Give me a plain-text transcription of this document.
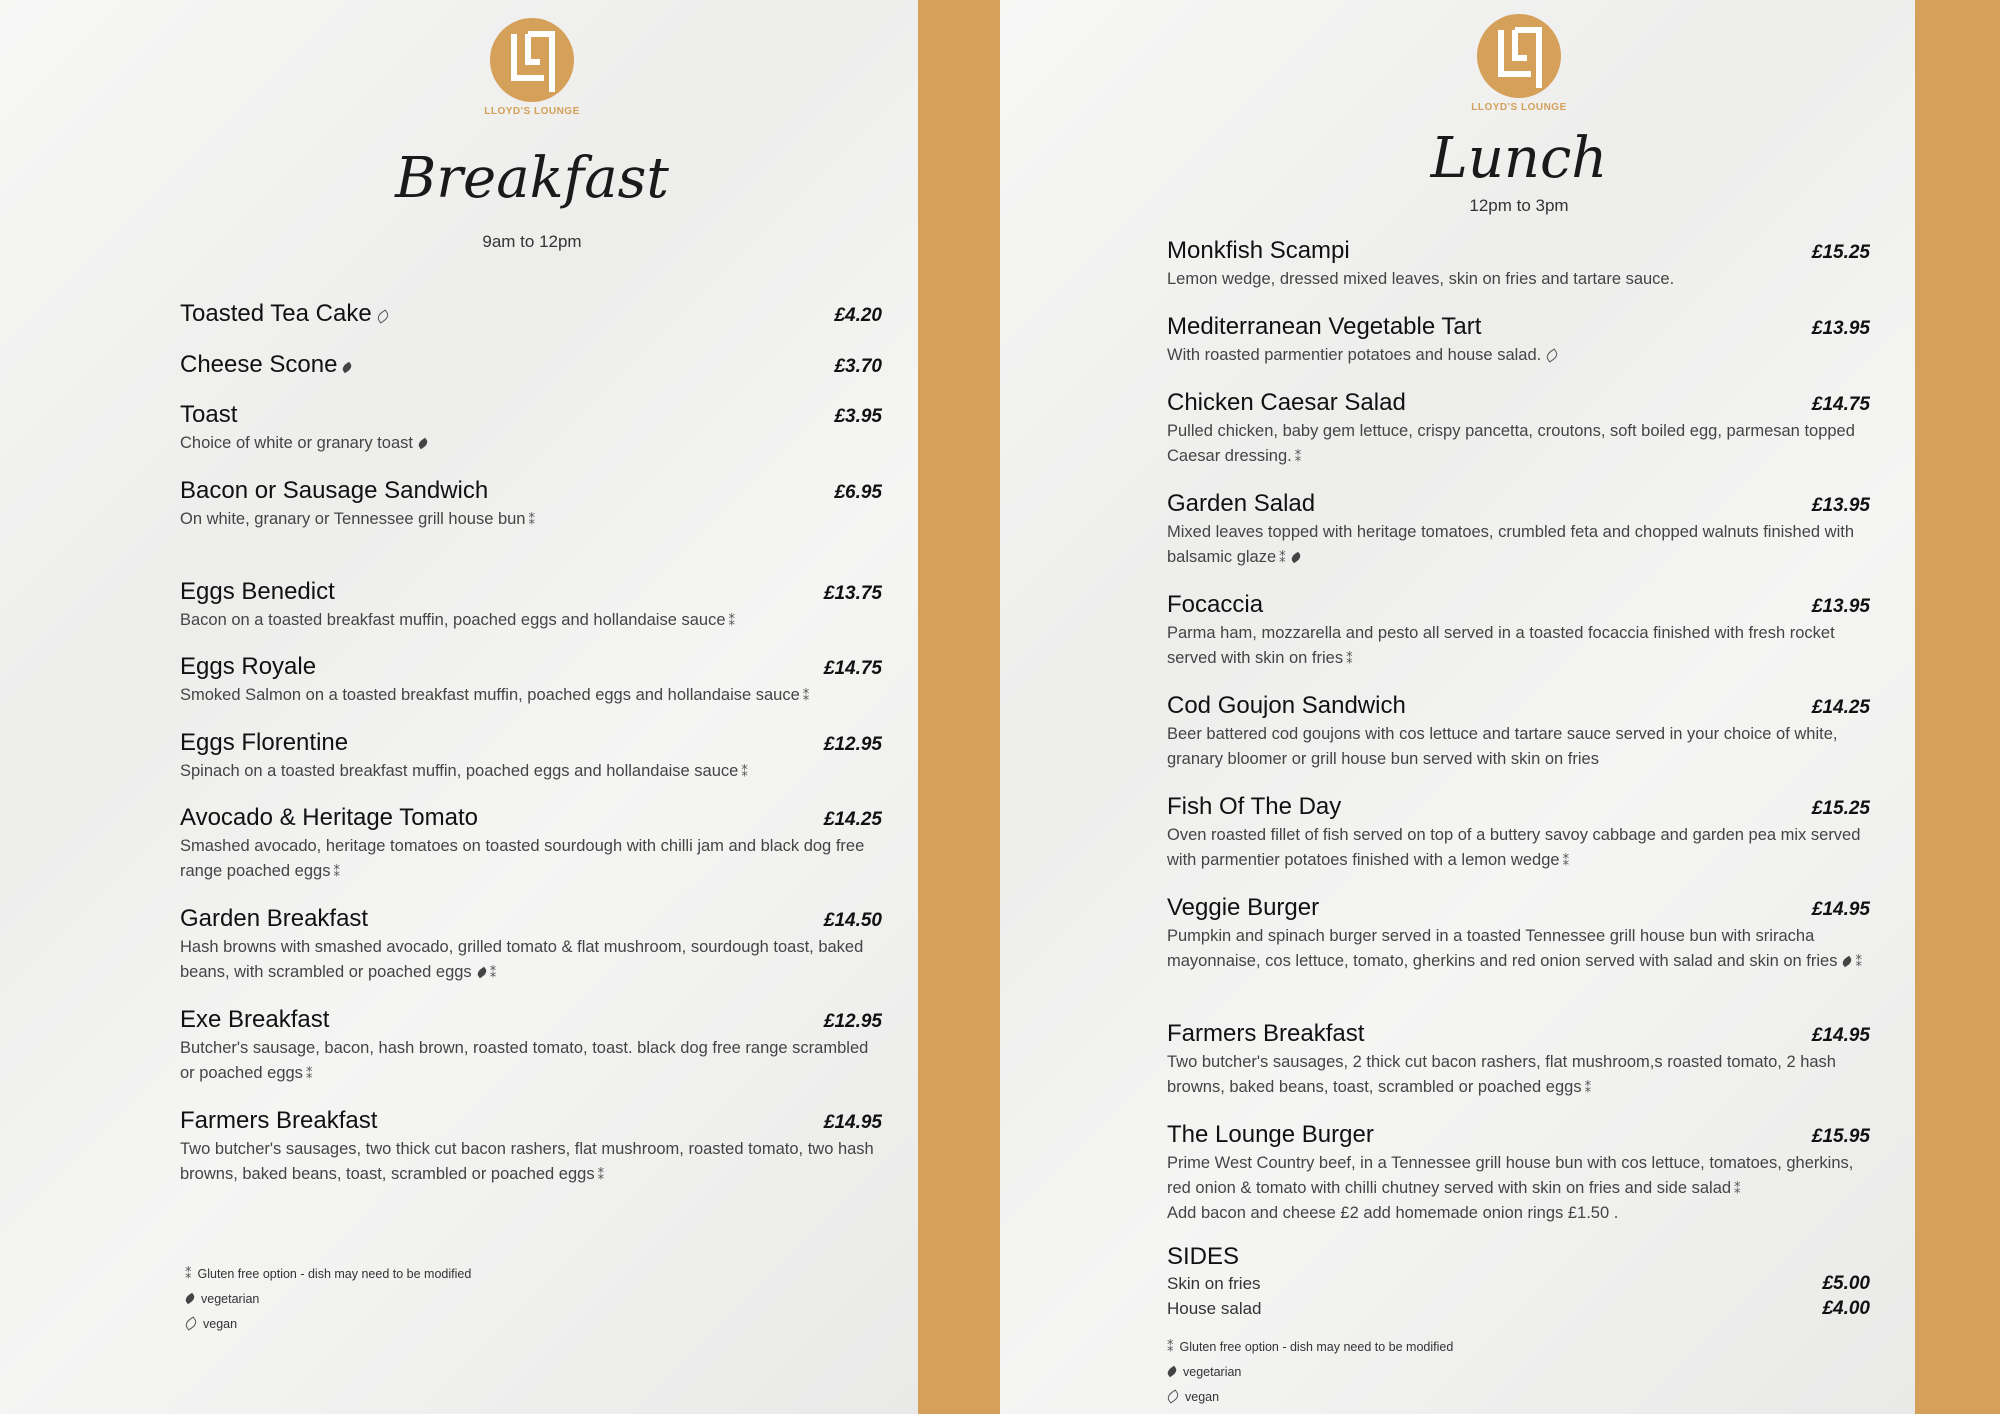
LLOYD'S LOUNGE
Breakfast
9am to 12pm
Toasted Tea Cake	£4.20
Cheese Scone	£3.70
Toast	£3.95
Choice of white or granary toast
Bacon or Sausage Sandwich	£6.95
On white, granary or Tennessee grill house bun ⁑
Eggs Benedict	£13.75
Bacon on a toasted breakfast muffin, poached eggs and hollandaise sauce ⁑
Eggs Royale	£14.75
Smoked Salmon on a toasted breakfast muffin, poached eggs and hollandaise sauce ⁑
Eggs Florentine	£12.95
Spinach on a toasted breakfast muffin, poached eggs and hollandaise sauce ⁑
Avocado & Heritage Tomato	£14.25
Smashed avocado, heritage tomatoes on toasted sourdough with chilli jam and black dog free range poached eggs ⁑
Garden Breakfast	£14.50
Hash browns with smashed avocado, grilled tomato & flat mushroom, sourdough toast, baked beans, with scrambled or poached eggs ⁑
Exe Breakfast	£12.95
Butcher's sausage, bacon, hash brown, roasted tomato, toast. black dog free range scrambled or poached eggs ⁑
Farmers Breakfast	£14.95
Two butcher's sausages, two thick cut bacon rashers, flat mushroom, roasted tomato, two hash browns, baked beans, toast, scrambled or poached eggs ⁑
⁑ Gluten free option - dish may need to be modified
vegetarian
vegan
LLOYD'S LOUNGE
Lunch
12pm to 3pm
Monkfish Scampi	£15.25
Lemon wedge, dressed mixed leaves, skin on fries and tartare sauce.
Mediterranean Vegetable Tart	£13.95
With roasted parmentier potatoes and house salad.
Chicken Caesar Salad	£14.75
Pulled chicken, baby gem lettuce, crispy pancetta, croutons, soft boiled egg, parmesan topped Caesar dressing. ⁑
Garden Salad	£13.95
Mixed leaves topped with heritage tomatoes, crumbled feta and chopped walnuts finished with balsamic glaze ⁑
Focaccia	£13.95
Parma ham, mozzarella and pesto all served in a toasted focaccia finished with fresh rocket served with skin on fries ⁑
Cod Goujon Sandwich	£14.25
Beer battered cod goujons with cos lettuce and tartare sauce served in your choice of white, granary bloomer or grill house bun served with skin on fries
Fish Of The Day	£15.25
Oven roasted fillet of fish served on top of a buttery savoy cabbage and garden pea mix served with parmentier potatoes finished with a lemon wedge ⁑
Veggie Burger	£14.95
Pumpkin and spinach burger served in a toasted Tennessee grill house bun with sriracha mayonnaise, cos lettuce, tomato, gherkins and red onion served with salad and skin on fries ⁑
Farmers Breakfast	£14.95
Two butcher's sausages, 2 thick cut bacon rashers, flat mushroom,s roasted tomato, 2 hash browns, baked beans, toast, scrambled or poached eggs ⁑
The Lounge Burger	£15.95
Prime West Country beef, in a Tennessee grill house bun with cos lettuce, tomatoes, gherkins, red onion & tomato with chilli chutney served with skin on fries and side salad ⁑
Add bacon and cheese £2 add homemade onion rings £1.50 .
SIDES
Skin on fries	£5.00
House salad	£4.00
⁑ Gluten free option - dish may need to be modified
vegetarian
vegan
